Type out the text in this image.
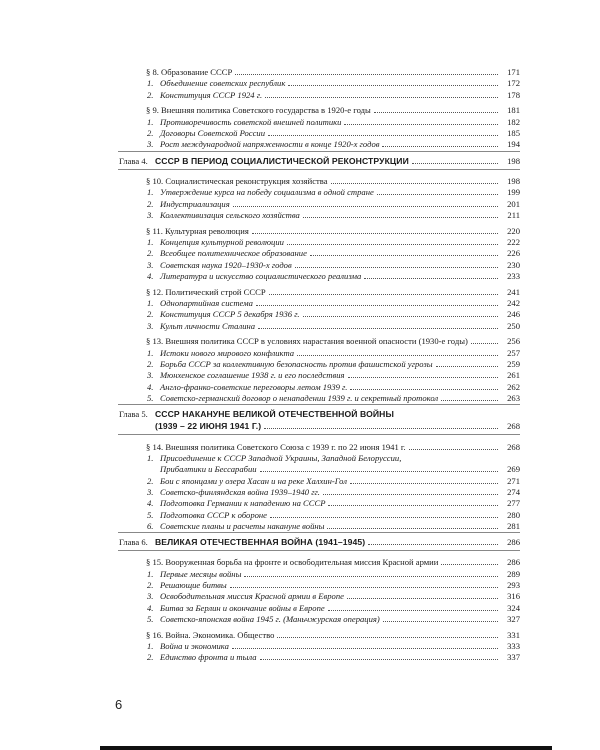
§ 8. Образование СССР	171
1. Объединение советских республик	172
2. Конституция СССР 1924 г.	178
§ 9. Внешняя политика Советского государства в 1920-е годы	181
1. Противоречивость советской внешней политики	182
2. Договоры Советской России	185
3. Рост международной напряженности в конце 1920-х годов	194
Глава 4. СССР В ПЕРИОД СОЦИАЛИСТИЧЕСКОЙ РЕКОНСТРУКЦИИ	198
§ 10. Социалистическая реконструкция хозяйства	198
1. Утверждение курса на победу социализма в одной стране	199
2. Индустриализация	201
3. Коллективизация сельского хозяйства	211
§ 11. Культурная революция	220
1. Концепция культурной революции	222
2. Всеобщее политехническое образование	226
3. Советская наука 1920–1930-х годов	230
4. Литература и искусство социалистического реализма	233
§ 12. Политический строй СССР	241
1. Однопартийная система	242
2. Конституция СССР 5 декабря 1936 г.	246
3. Культ личности Сталина	250
§ 13. Внешняя политика СССР в условиях нарастания военной опасности (1930-е годы)	256
1. Истоки нового мирового конфликта	257
2. Борьба СССР за коллективную безопасность против фашистской угрозы	259
3. Мюнхенское соглашение 1938 г. и его последствия	261
4. Англо-франко-советские переговоры летом 1939 г.	262
5. Советско-германский договор о ненападении 1939 г. и секретный протокол	263
Глава 5. СССР НАКАНУНЕ ВЕЛИКОЙ ОТЕЧЕСТВЕННОЙ ВОЙНЫ
(1939 – 22 ИЮНЯ 1941 Г.)	268
§ 14. Внешняя политика Советского Союза с 1939 г. по 22 июня 1941 г.	268
1. Присоединение к СССР Западной Украины, Западной Белоруссии,
Прибалтики и Бессарабии	269
2. Бои с японцами у озера Хасан и на реке Халхин-Гол	271
3. Советско-финляндская война 1939–1940 гг.	274
4. Подготовка Германии к нападению на СССР	277
5. Подготовка СССР к обороне	280
6. Советские планы и расчеты накануне войны	281
Глава 6. ВЕЛИКАЯ ОТЕЧЕСТВЕННАЯ ВОЙНА (1941–1945)	286
§ 15. Вооруженная борьба на фронте и освободительная миссия Красной армии	286
1. Первые месяцы войны	289
2. Решающие битвы	293
3. Освободительная миссия Красной армии в Европе	316
4. Битва за Берлин и окончание войны в Европе	324
5. Советско-японская война 1945 г. (Маньчжурская операция)	327
§ 16. Война. Экономика. Общество	331
1. Война и экономика	333
2. Единство фронта и тыла	337
6
